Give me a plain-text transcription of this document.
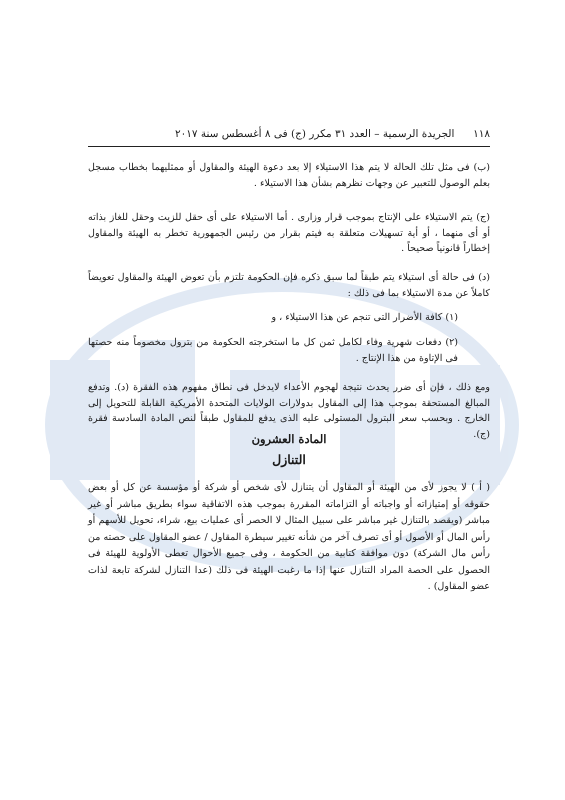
١١٨  الجريدة الرسمية – العدد ٣١ مكرر (ج) فى ٨ أغسطس سنة ٢٠١٧

(ب) فى مثل تلك الحالة لا يتم هذا الاستيلاء إلا بعد دعوة الهيئة والمقاول أو ممثليهما بخطاب مسجل بعلم الوصول للتعبير عن وجهات نظرهم بشأن هذا الاستيلاء .

(ج) يتم الاستيلاء على الإنتاج بموجب قرار وزارى . أما الاستيلاء على أى حقل للزيت وحقل للغاز بذاته أو أى منهما ، أو أية تسهيلات متعلقة به فيتم بقرار من رئيس الجمهورية تخطر به الهيئة والمقاول إخطاراً قانونياً صحيحاً .

(د) فى حالة أى استيلاء يتم طبقاً لما سبق ذكره فإن الحكومة تلتزم بأن تعوض الهيئة والمقاول تعويضاً كاملاً عن مدة الاستيلاء بما فى ذلك :

(١) كافة الأضرار التى تنجم عن هذا الاستيلاء ، و

(٢) دفعات شهرية وفاء لكامل ثمن كل ما استخرجته الحكومة من بترول مخصوماً منه حصتها فى الإتاوة من هذا الإنتاج .

ومع ذلك ، فإن أى ضرر يحدث نتيجة لهجوم الأعداء لايدخل فى نطاق مفهوم هذه الفقرة (د). وتدفع المبالغ المستحقة بموجب هذا إلى المقاول بدولارات الولايات المتحدة الأمريكية القابلة للتحويل إلى الخارج . وبحسب سعر البترول المستولى عليه الذى يدفع للمقاول طبقاً لنص المادة السادسة فقرة (ج).

المادة العشرون
التنازل

( أ ) لا يجوز لأى من الهيئة أو المقاول أن يتنازل لأى شخص أو شركة أو مؤسسة عن كل أو بعض حقوقه أو إمتيازاته أو واجباته أو التزاماته المقررة بموجب هذه الاتفاقية سواء بطريق مباشر أو غير مباشر (ويقصد بالتنازل غير مباشر على سبيل المثال لا الحصر أى عمليات بيع، شراء، تحويل للأسهم أو رأس المال أو الأصول أو أى تصرف آخر من شأنه تغيير سيطرة المقاول / عضو المقاول على حصته من رأس مال الشركة) دون موافقة كتابية من الحكومة ، وفى جميع الأحوال تعطى الأولوية للهيئة فى الحصول على الحصة المراد التنازل عنها إذا ما رغبت الهيئة فى ذلك (عدا التنازل لشركة تابعة لذات عضو المقاول) .
